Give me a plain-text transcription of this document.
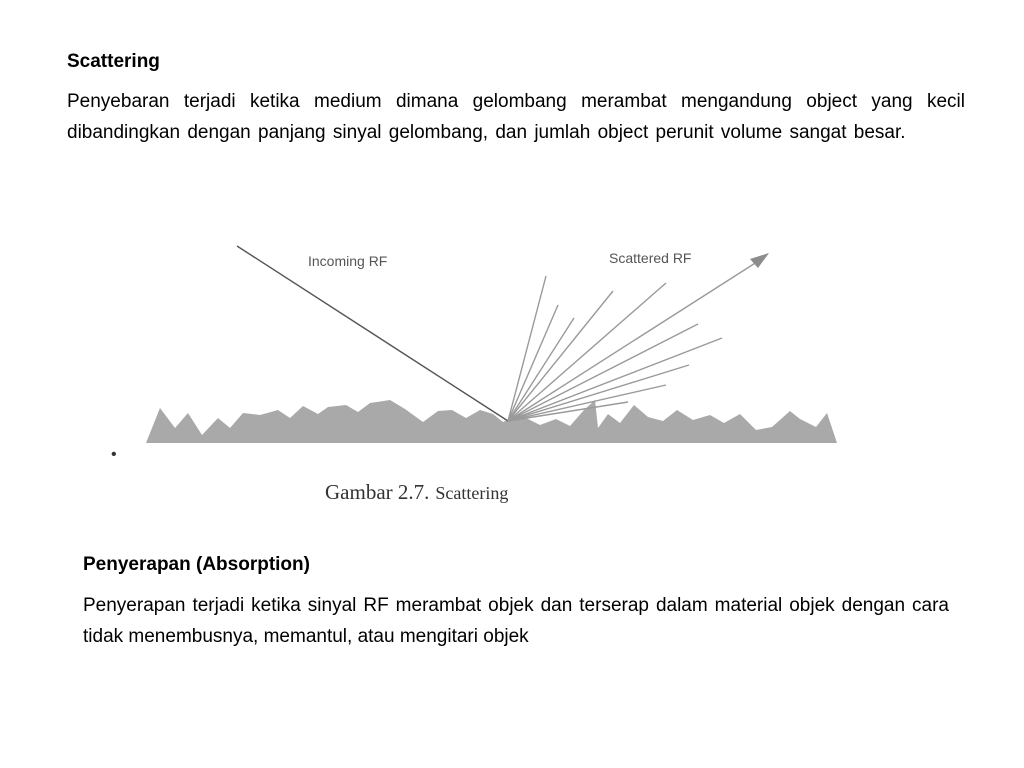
Scattering

Penyebaran terjadi ketika medium dimana gelombang merambat mengandung object yang kecil dibandingkan dengan panjang sinyal gelombang, dan jumlah object perunit volume sangat besar.

Incoming RF	Scattered RF
•
Gambar 2.7. Scattering

Penyerapan (Absorption)

Penyerapan terjadi ketika sinyal RF merambat objek dan terserap dalam material objek dengan cara tidak menembusnya, memantul, atau mengitari objek
